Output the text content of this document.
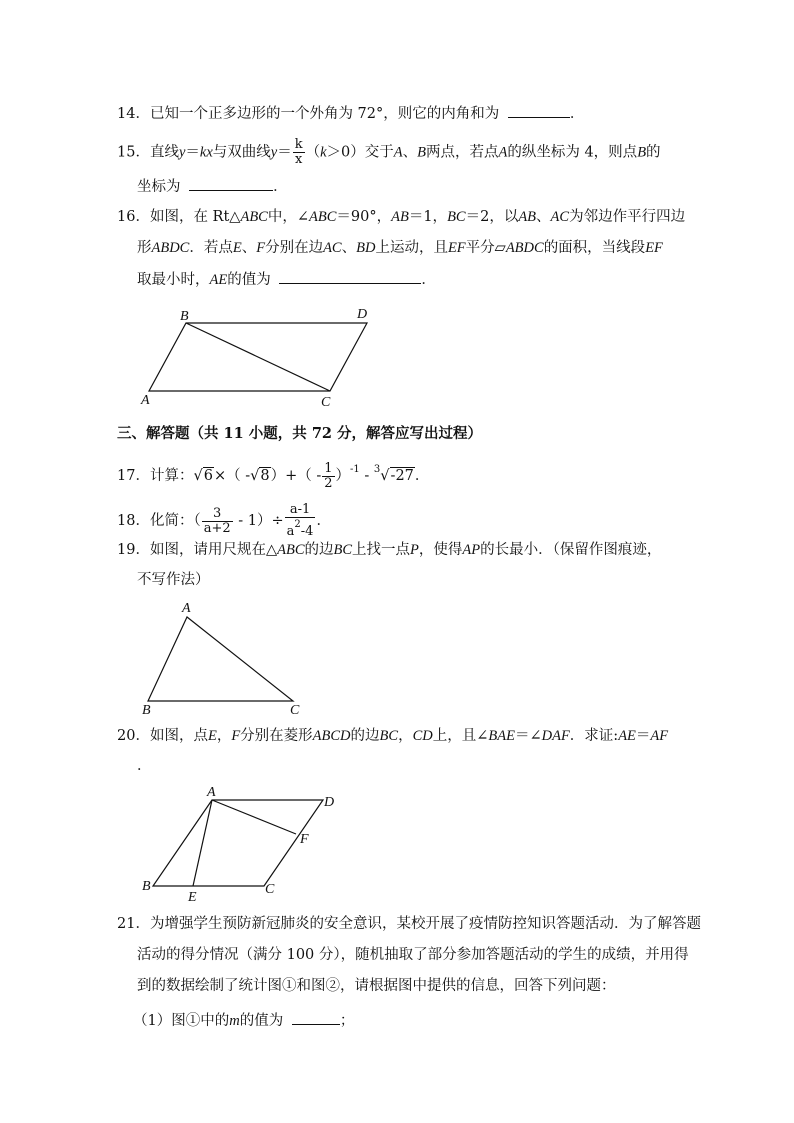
14．已知一个正多边形的一个外角为 72°，则它的内角和为	．
15．直线y＝kx与双曲线$y= \frac{k}{x} (k>0)$交于A、B两点，若点A的纵坐标为 4，则点B的
坐标为	．
16．如图，在 Rt△ABC中，∠ABC＝90°，AB＝1，BC＝2，以AB、AC为邻边作平行四边
形ABDC．若点E、F分别在边AC、BD上运动，且EF平分▱ABDC的面积，当线段EF
取最小时，AE的值为	．
B	D
A	C
三、解答题（共 11 小题，共 72 分，解答应写出过程）
17．计算：√6×（ $-√8)+( - \frac{1}{2} )^{-1} - ^3√-27$．
18．化简：（ $\frac{3}{a+2} - 1)\div \frac{a-1}{a^2-4}$ ．
19．如图，请用尺规在△ABC的边BC上找一点P，使得AP的长最小．（保留作图痕迹，
不写作法）
A
B	C
20．如图，点E，F分别在菱形ABCD的边BC，CD上，且∠BAE＝∠DAF．求证:AE＝AF
．
A
D
F
B
E
C
21．为增强学生预防新冠肺炎的安全意识，某校开展了疫情防控知识答题活动．为了解答题
活动的得分情况（满分 100 分），随机抽取了部分参加答题活动的学生的成绩，并用得
到的数据绘制了统计图①和图②，请根据图中提供的信息，回答下列问题：
（1）图①中的m的值为	；
